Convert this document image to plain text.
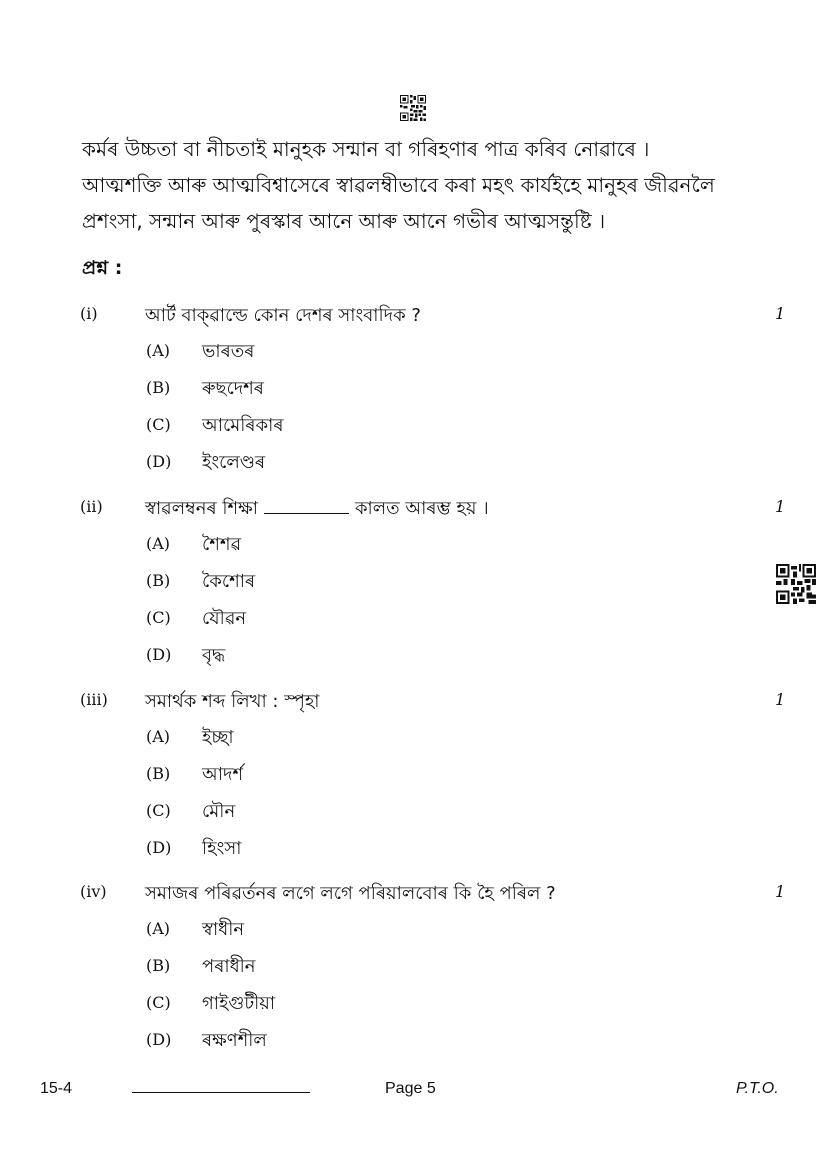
কৰ্মৰ উচ্চতা বা নীচতাই মানুহক সন্মান বা গৰিহণাৰ পাত্ৰ কৰিব নোৱাৰে ।
আত্মশক্তি আৰু আত্মবিশ্বাসেৰে স্বাৱলম্বীভাবে কৰা মহৎ কাৰ্যইহে মানুহৰ জীৱনলৈ
প্ৰশংসা, সন্মান আৰু পুৰস্কাৰ আনে আৰু আনে গভীৰ আত্মসন্তুষ্টি ।
প্ৰশ্ন :
(i)	আৰ্ট বাক্‌ৱাল্ডে কোন দেশৰ সাংবাদিক ?	1
(A) ভাৰতৰ
(B) ৰুছদেশৰ
(C) আমেৰিকাৰ
(D) ইংলেণ্ডৰ
(ii) স্বাৱলম্বনৰ শিক্ষা	কালত আৰম্ভ হয় ।	1
(A) শৈশৱ
(B) কৈশোৰ
(C) যৌৱন
(D) বৃদ্ধ
(iii) সমাৰ্থক শব্দ লিখা : স্পৃহা	1
(A) ইচ্ছা
(B) আদৰ্শ
(C) মৌন
(D) হিংসা
(iv) সমাজৰ পৰিৱৰ্তনৰ লগে লগে পৰিয়ালবোৰ কি হৈ পৰিল ?	1
(A) স্বাধীন
(B) পৰাধীন
(C) গাইগুটীয়া
(D) ৰক্ষণশীল
15-4	Page 5	P.T.O.
